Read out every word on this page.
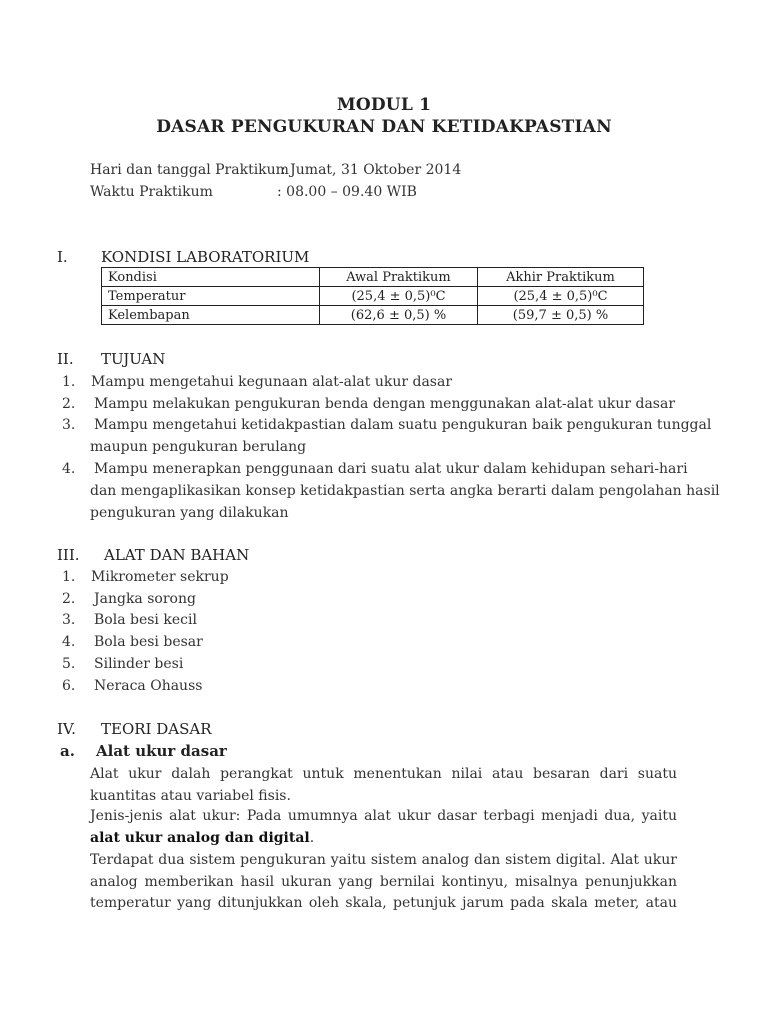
MODUL 1
DASAR PENGUKURAN DAN KETIDAKPASTIAN
Hari dan tanggal Praktikum
: Jumat, 31 Oktober 2014
Waktu Praktikum	: 08.00 – 09.40 WIB
I. KONDISI LABORATORIUM
Kondisi	Awal Praktikum	Akhir Praktikum
Temperatur	(25,4 ± 0,5)⁰C	(25,4 ± 0,5)⁰C
Kelembapan	(62,6 ± 0,5) %	(59,7 ± 0,5) %
II. TUJUAN
1. Mampu mengetahui kegunaan alat-alat ukur dasar
2. Mampu melakukan pengukuran benda dengan menggunakan alat-alat ukur dasar
3. Mampu mengetahui ketidakpastian dalam suatu pengukuran baik pengukuran tunggal
maupun pengukuran berulang
4. Mampu menerapkan penggunaan dari suatu alat ukur dalam kehidupan sehari-hari
dan mengaplikasikan konsep ketidakpastian serta angka berarti dalam pengolahan hasil
pengukuran yang dilakukan
III. ALAT DAN BAHAN
1. Mikrometer sekrup
2. Jangka sorong
3. Bola besi kecil
4. Bola besi besar
5. Silinder besi
6. Neraca Ohauss
IV. TEORI DASAR
a. Alat ukur dasar
Alat ukur dalah perangkat untuk menentukan nilai atau besaran dari suatu kuantitas atau variabel fisis.
Jenis-jenis alat ukur: Pada umumnya alat ukur dasar terbagi menjadi dua, yaitu alat ukur analog dan digital.
Terdapat dua sistem pengukuran yaitu sistem analog dan sistem digital. Alat ukur analog memberikan hasil ukuran yang bernilai kontinyu, misalnya penunjukkan temperatur yang ditunjukkan oleh skala, petunjuk jarum pada skala meter, atau
